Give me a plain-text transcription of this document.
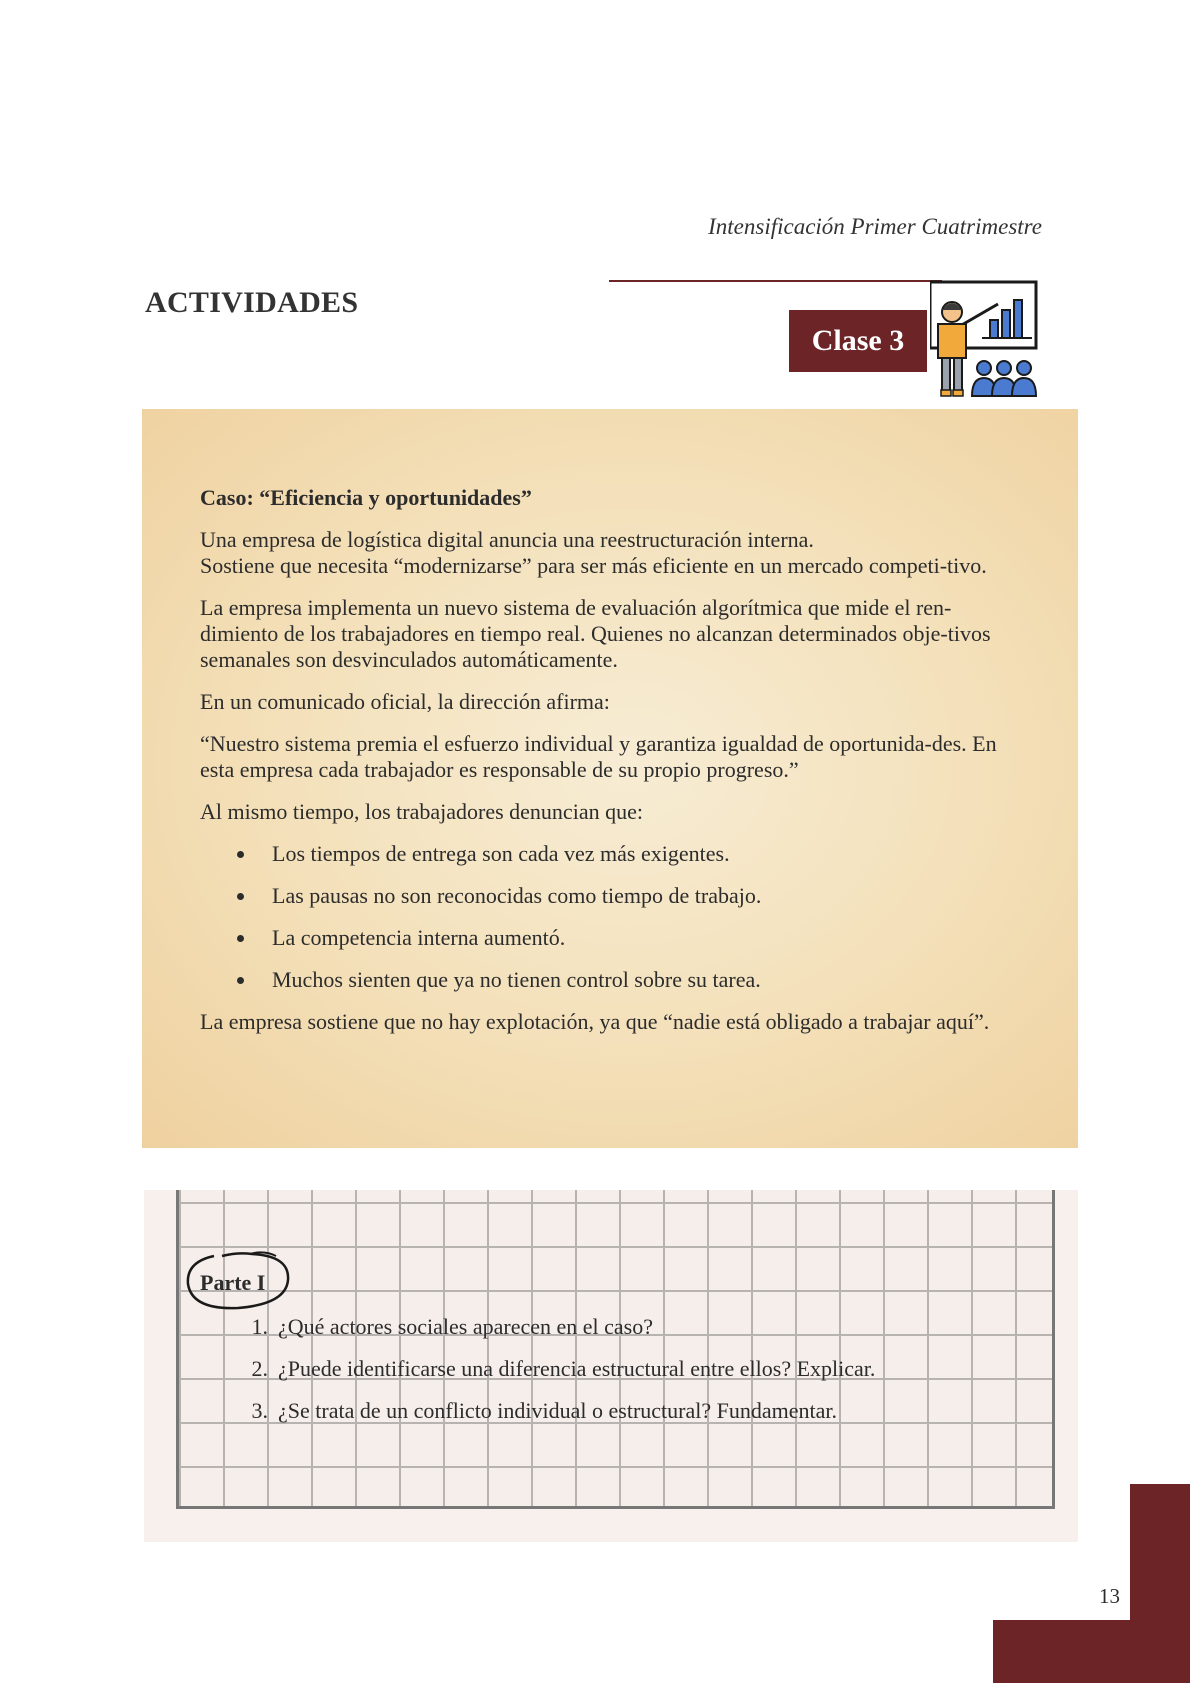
Intensificación Primer Cuatrimestre
ACTIVIDADES
Clase 3

Caso: “Eficiencia y oportunidades”

Una empresa de logística digital anuncia una reestructuración interna.
Sostiene que necesita “modernizarse” para ser más eficiente en un mercado competi-tivo.

La empresa implementa un nuevo sistema de evaluación algorítmica que mide el ren-dimiento de los trabajadores en tiempo real. Quienes no alcanzan determinados obje-tivos semanales son desvinculados automáticamente.

En un comunicado oficial, la dirección afirma:

“Nuestro sistema premia el esfuerzo individual y garantiza igualdad de oportunida-des. En esta empresa cada trabajador es responsable de su propio progreso.”

Al mismo tiempo, los trabajadores denuncian que:

Los tiempos de entrega son cada vez más exigentes.
Las pausas no son reconocidas como tiempo de trabajo.
La competencia interna aumentó.
Muchos sienten que ya no tienen control sobre su tarea.

La empresa sostiene que no hay explotación, ya que “nadie está obligado a trabajar aquí”.

Parte I
1. ¿Qué actores sociales aparecen en el caso?
2. ¿Puede identificarse una diferencia estructural entre ellos? Explicar.
3. ¿Se trata de un conflicto individual o estructural? Fundamentar.
13
